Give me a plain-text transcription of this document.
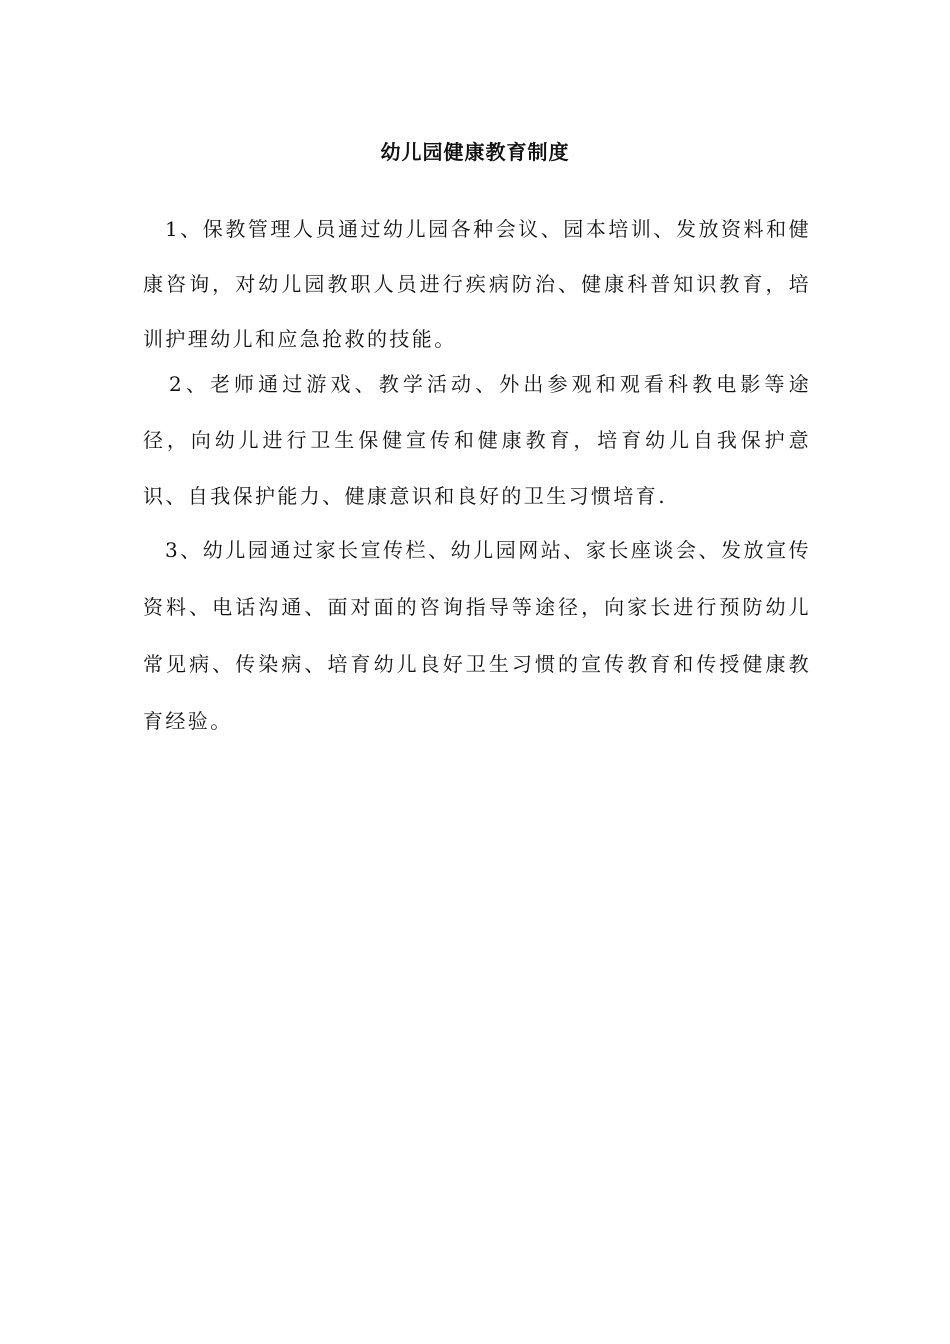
幼儿园健康教育制度

1、保教管理人员通过幼儿园各种会议、园本培训、发放资料和健康咨询，对幼儿园教职人员进行疾病防治、健康科普知识教育，培训护理幼儿和应急抢救的技能。

2、老师通过游戏、教学活动、外出参观和观看科教电影等途径，向幼儿进行卫生保健宣传和健康教育，培育幼儿自我保护意识、自我保护能力、健康意识和良好的卫生习惯培育.

3、幼儿园通过家长宣传栏、幼儿园网站、家长座谈会、发放宣传资料、电话沟通、面对面的咨询指导等途径，向家长进行预防幼儿常见病、传染病、培育幼儿良好卫生习惯的宣传教育和传授健康教育经验。
